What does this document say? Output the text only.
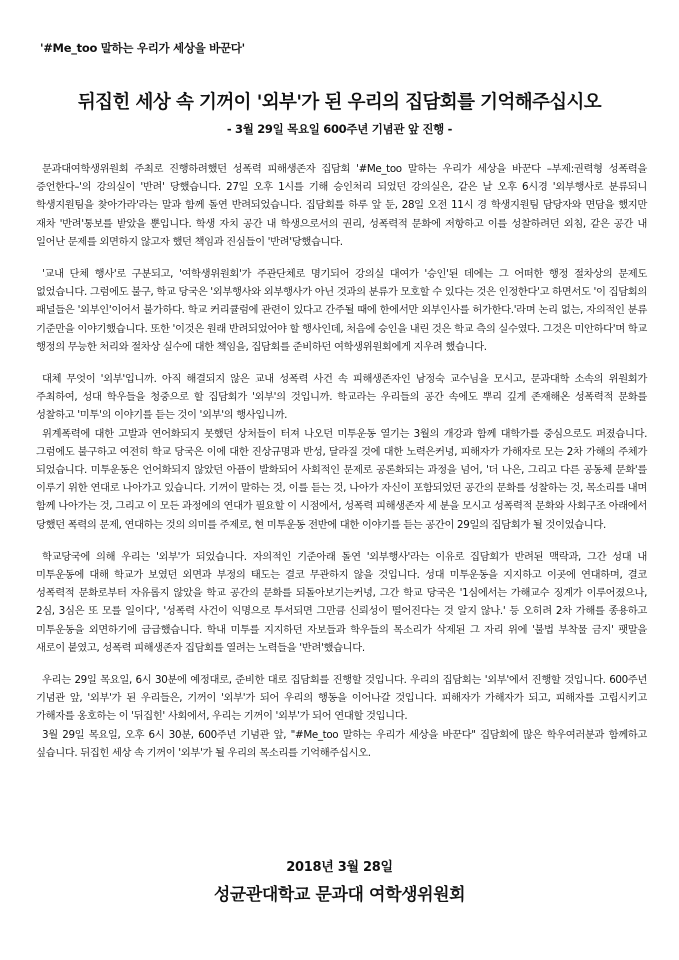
'#Me_too 말하는 우리가 세상을 바꾼다'
뒤집힌 세상 속 기꺼이 '외부'가 된 우리의 집담회를 기억해주십시오
- 3월 29일 목요일 600주년 기념관 앞 진행 -

문과대여학생위원회 주최로 진행하려했던 성폭력 피해생존자 집담회 '#Me_too 말하는 우리가 세상을 바꾼다 –부제:권력형 성폭력을 증언한다–'의 강의실이 '반려' 당했습니다. 27일 오후 1시를 기해 승인처리 되었던 강의실은, 같은 날 오후 6시경 '외부행사로 분류되니 학생지원팀을 찾아가라'라는 말과 함께 돌연 반려되었습니다. 집담회를 하루 앞 둔, 28일 오전 11시 경 학생지원팀 담당자와 면담을 했지만 재차 '반려'통보를 받았을 뿐입니다. 학생 자치 공간 내 학생으로서의 권리, 성폭력적 문화에 저항하고 이를 성찰하려던 외침, 같은 공간 내 일어난 문제를 외면하지 않고자 했던 책임과 진심들이 '반려'당했습니다.

'교내 단체 행사'로 구분되고, '여학생위원회'가 주관단체로 명기되어 강의실 대여가 '승인'된 데에는 그 어떠한 행정 절차상의 문제도 없었습니다. 그럼에도 불구, 학교 당국은 '외부행사와 외부행사가 아닌 것과의 분류가 모호할 수 있다는 것은 인정한다'고 하면서도 '이 집담회의 패널들은 '외부인'이어서 불가하다. 학교 커리큘럼에 관련이 있다고 간주될 때에 한에서만 외부인사를 허가한다.'라며 논리 없는, 자의적인 분류 기준만을 이야기했습니다. 또한 '이것은 원래 반려되었어야 할 행사인데, 처음에 승인을 내린 것은 학교 측의 실수였다. 그것은 미안하다'며 학교 행정의 무능한 처리와 절차상 실수에 대한 책임을, 집담회를 준비하던 여학생위원회에게 지우려 했습니다.

대체 무엇이 '외부'입니까. 아직 해결되지 않은 교내 성폭력 사건 속 피해생존자인 남정숙 교수님을 모시고, 문과대학 소속의 위원회가 주최하여, 성대 학우들을 청중으로 할 집담회가 '외부'의 것입니까. 학교라는 우리들의 공간 속에도 뿌리 깊게 존재해온 성폭력적 문화를 성찰하고 '미투'의 이야기를 듣는 것이 '외부'의 행사입니까.

위계폭력에 대한 고발과 연어화되지 못했던 상처들이 터져 나오던 미투운동 열기는 3월의 개강과 함께 대학가를 중심으로도 퍼졌습니다. 그럼에도 불구하고 여전히 학교 당국은 이에 대한 진상규명과 반성, 달라질 것에 대한 노력은커녕, 피해자가 가해자로 모는 2차 가해의 주체가 되었습니다. 미투운동은 언어화되지 않았던 아픔이 발화되어 사회적인 문제로 공론화되는 과정을 넘어, '더 나은, 그리고 다른 공동체 문화'를 이루기 위한 연대로 나아가고 있습니다. 기꺼이 말하는 것, 이를 듣는 것, 나아가 자신이 포함되었던 공간의 문화를 성찰하는 것, 목소리를 내며 함께 나아가는 것, 그리고 이 모든 과정에의 연대가 필요할 이 시점에서, 성폭력 피해생존자 세 분을 모시고 성폭력적 문화와 사회구조 아래에서 당했던 폭력의 문제, 연대하는 것의 의미를 주제로, 현 미투운동 전반에 대한 이야기를 듣는 공간이 29일의 집담회가 될 것이었습니다.

학교당국에 의해 우리는 '외부'가 되었습니다. 자의적인 기준아래 돌연 '외부행사'라는 이유로 집담회가 반려된 맥락과, 그간 성대 내 미투운동에 대해 학교가 보였던 외면과 부정의 태도는 결코 무관하지 않을 것입니다. 성대 미투운동을 지지하고 이곳에 연대하며, 결코 성폭력적 문화로부터 자유롭지 않았을 학교 공간의 문화를 되돌아보기는커녕, 그간 학교 당국은 '1심에서는 가해교수 징계가 이루어졌으나, 2심, 3심은 또 모를 일이다', '성폭력 사건이 익명으로 투서되면 그만큼 신뢰성이 떨어진다는 것 알지 않나.' 등 오히려 2차 가해를 종용하고 미투운동을 외면하기에 급급했습니다. 학내 미투를 지지하던 자보들과 학우들의 목소리가 삭제된 그 자리 위에 '불법 부착물 금지' 팻말을 새로이 붙였고, 성폭력 피해생존자 집담회를 열려는 노력들을 '반려'했습니다.

우리는 29일 목요일, 6시 30분에 예정대로, 준비한 대로 집담회를 진행할 것입니다. 우리의 집담회는 '외부'에서 진행할 것입니다. 600주년 기념관 앞, '외부'가 된 우리들은, 기꺼이 '외부'가 되어 우리의 행동을 이어나갈 것입니다. 피해자가 가해자가 되고, 피해자를 고립시키고 가해자를 옹호하는 이 '뒤집힌' 사회에서, 우리는 기꺼이 '외부'가 되어 연대할 것입니다.

3월 29일 목요일, 오후 6시 30분, 600주년 기념관 앞, "#Me_too 말하는 우리가 세상을 바꾼다" 집담회에 많은 학우여러분과 함께하고 싶습니다. 뒤집힌 세상 속 기꺼이 '외부'가 될 우리의 목소리를 기억해주십시오.

2018년 3월 28일
성균관대학교 문과대 여학생위원회
